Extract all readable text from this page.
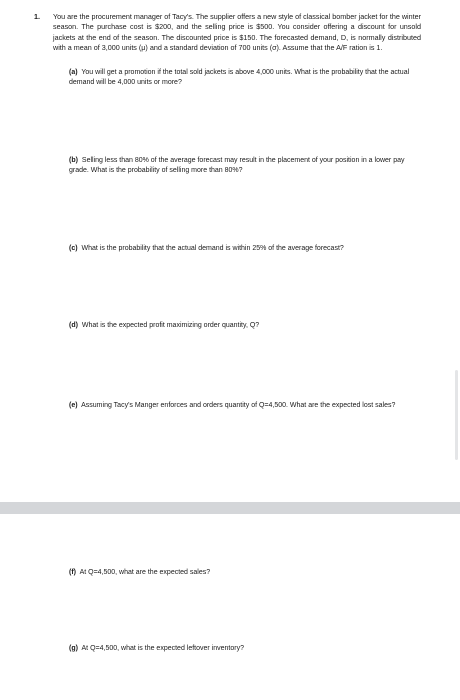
1. You are the procurement manager of Tacy's. The supplier offers a new style of classical bomber jacket for the winter season. The purchase cost is $200, and the selling price is $500. You consider offering a discount for unsold jackets at the end of the season. The discounted price is $150. The forecasted demand, D, is normally distributed with a mean of 3,000 units (μ) and a standard deviation of 700 units (σ). Assume that the A/F ration is 1.
(a) You will get a promotion if the total sold jackets is above 4,000 units. What is the probability that the actual demand will be 4,000 units or more?
(b) Selling less than 80% of the average forecast may result in the placement of your position in a lower pay grade. What is the probability of selling more than 80%?
(c) What is the probability that the actual demand is within 25% of the average forecast?
(d) What is the expected profit maximizing order quantity, Q?
(e) Assuming Tacy's Manger enforces and orders quantity of Q=4,500. What are the expected lost sales?
(f) At Q=4,500, what are the expected sales?
(g) At Q=4,500, what is the expected leftover inventory?
